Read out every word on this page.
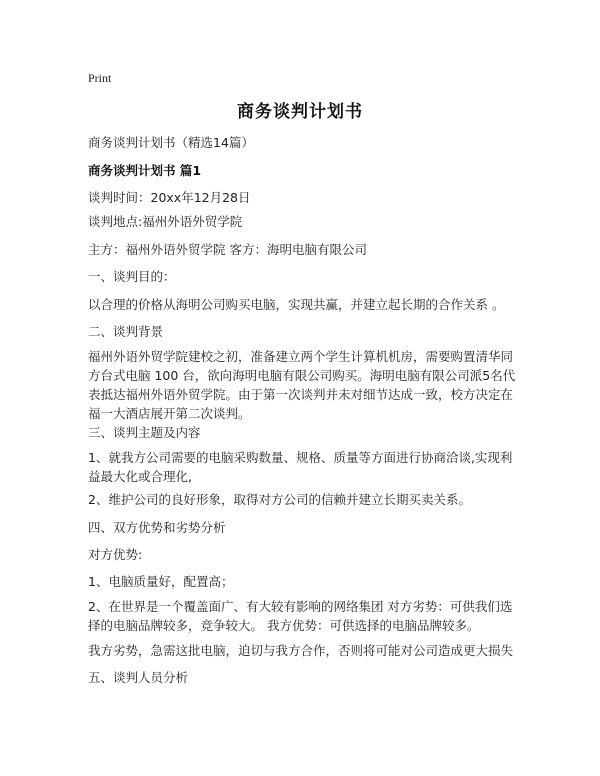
Print
商务谈判计划书
商务谈判计划书（精选14篇）
商务谈判计划书 篇1
谈判时间：20xx年12月28日
谈判地点:福州外语外贸学院
主方：福州外语外贸学院 客方：海明电脑有限公司
一、谈判目的：
以合理的价格从海明公司购买电脑，实现共赢，并建立起长期的合作关系 。
二、谈判背景
福州外语外贸学院建校之初，准备建立两个学生计算机机房，需要购置清华同方台式电脑 100 台，欲向海明电脑有限公司购买。海明电脑有限公司派5名代表抵达福州外语外贸学院。由于第一次谈判并未对细节达成一致，校方决定在福一大酒店展开第二次谈判。
三、谈判主题及内容
1、就我方公司需要的电脑采购数量、规格、质量等方面进行协商洽谈,实现利益最大化或合理化,
2、维护公司的良好形象，取得对方公司的信赖并建立长期买卖关系。
四、双方优势和劣势分析
对方优势:
1、电脑质量好，配置高；
2、在世界是一个覆盖面广、有大较有影响的网络集团 对方劣势：可供我们选择的电脑品牌较多，竞争较大。 我方优势：可供选择的电脑品牌较多。
我方劣势，急需这批电脑，迫切与我方合作，否则将可能对公司造成更大损失
五、谈判人员分析
